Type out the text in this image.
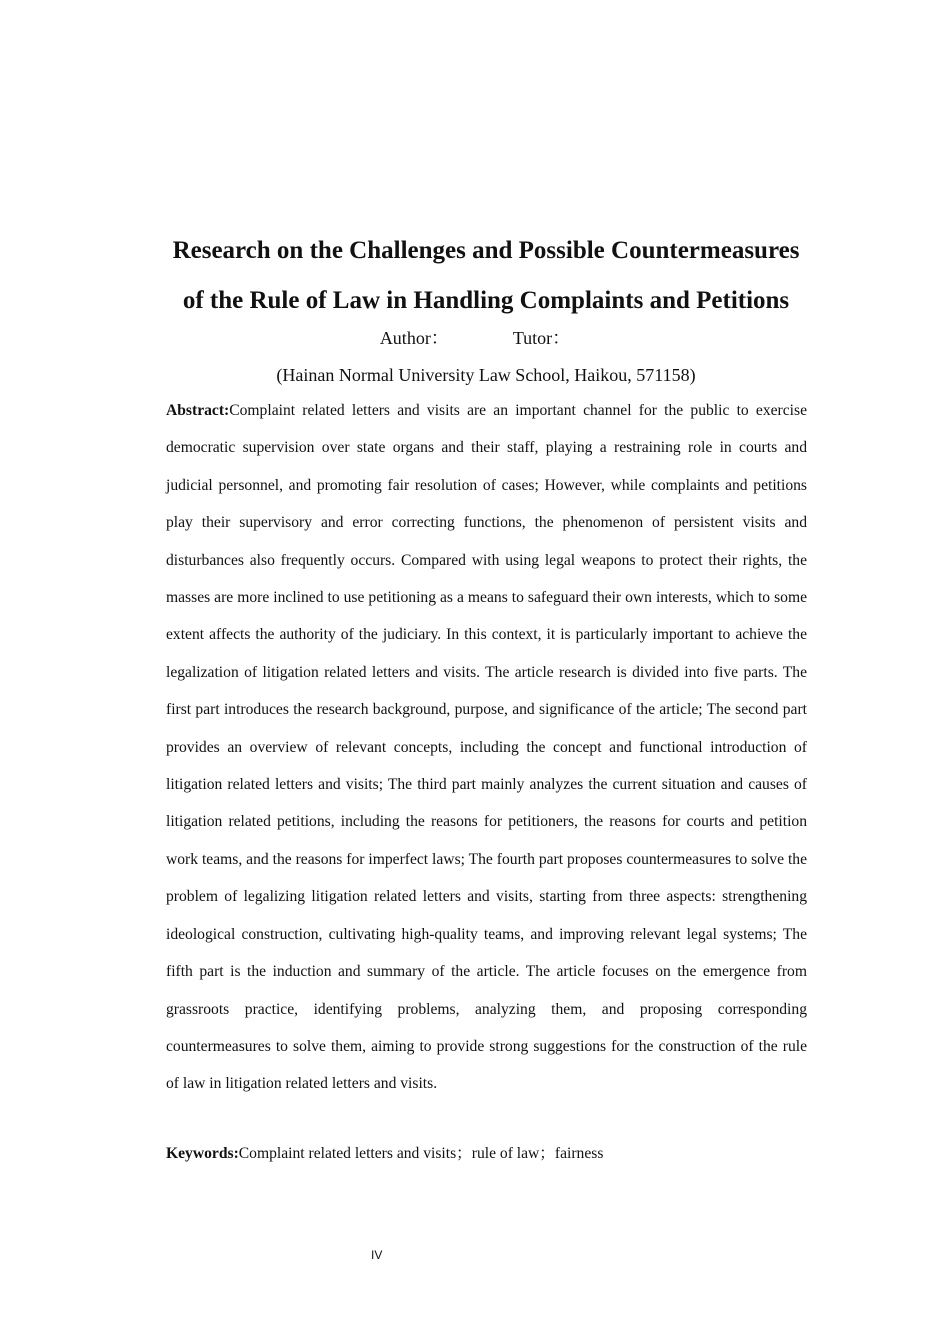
Research on the Challenges and Possible Countermeasures
of the Rule of Law in Handling Complaints and Petitions
Author：	Tutor：
(Hainan Normal University Law School, Haikou, 571158)
Abstract:Complaint related letters and visits are an important channel for the public to exercise democratic supervision over state organs and their staff, playing a restraining role in courts and judicial personnel, and promoting fair resolution of cases; However, while complaints and petitions play their supervisory and error correcting functions, the phenomenon of persistent visits and disturbances also frequently occurs. Compared with using legal weapons to protect their rights, the masses are more inclined to use petitioning as a means to safeguard their own interests, which to some extent affects the authority of the judiciary. In this context, it is particularly important to achieve the legalization of litigation related letters and visits. The article research is divided into five parts. The first part introduces the research background, purpose, and significance of the article; The second part provides an overview of relevant concepts, including the concept and functional introduction of litigation related letters and visits; The third part mainly analyzes the current situation and causes of litigation related petitions, including the reasons for petitioners, the reasons for courts and petition work teams, and the reasons for imperfect laws; The fourth part proposes countermeasures to solve the problem of legalizing litigation related letters and visits, starting from three aspects: strengthening ideological construction, cultivating high-quality teams, and improving relevant legal systems; The fifth part is the induction and summary of the article. The article focuses on the emergence from grassroots practice, identifying problems, analyzing them, and proposing corresponding countermeasures to solve them, aiming to provide strong suggestions for the construction of the rule of law in litigation related letters and visits.
Keywords:Complaint related letters and visits；rule of law；fairness
IV
